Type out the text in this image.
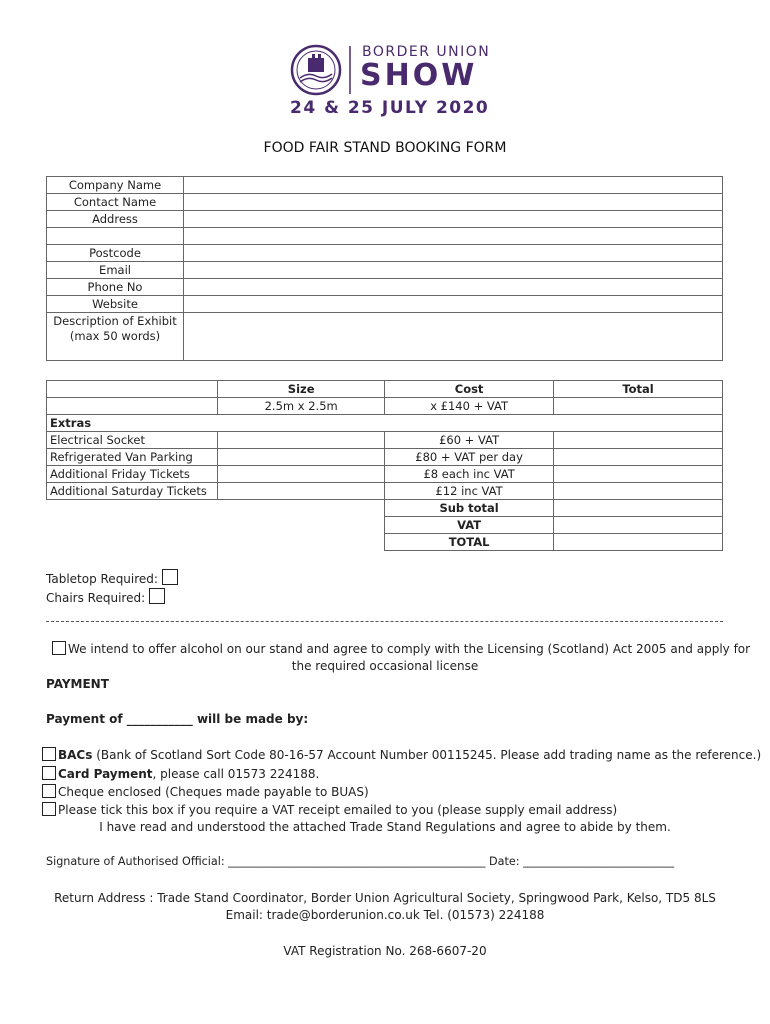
BORDER UNION
SHOW
24 & 25 JULY 2020
FOOD FAIR STAND BOOKING FORM
Company Name	
Contact Name	
Address	

Postcode	
Email	
Phone No	
Website	
Description of Exhibit
(max 50 words)	
	Size	Cost	Total
	2.5m x 2.5m	x £140 + VAT	
Extras			
Electrical Socket		£60 + VAT	
Refrigerated Van Parking		£80 + VAT per day	
Additional Friday Tickets		£8 each inc VAT	
Additional Saturday Tickets		£12 inc VAT	
		Sub total	
		VAT	
		TOTAL	
Tabletop Required:
Chairs Required:
We intend to offer alcohol on our stand and agree to comply with the Licensing (Scotland) Act 2005 and apply for
the required occasional license
PAYMENT
Payment of ___________ will be made by:
BACs (Bank of Scotland Sort Code 80-16-57 Account Number 00115245. Please add trading name as the reference.)
Card Payment, please call 01573 224188.
Cheque enclosed (Cheques made payable to BUAS)
Please tick this box if you require a VAT receipt emailed to you (please supply email address)
I have read and understood the attached Trade Stand Regulations and agree to abide by them.
Signature of Authorised Official: ______________________________________________ Date: ___________________________
Return Address : Trade Stand Coordinator, Border Union Agricultural Society, Springwood Park, Kelso, TD5 8LS
Email: trade@borderunion.co.uk Tel. (01573) 224188
VAT Registration No. 268-6607-20
